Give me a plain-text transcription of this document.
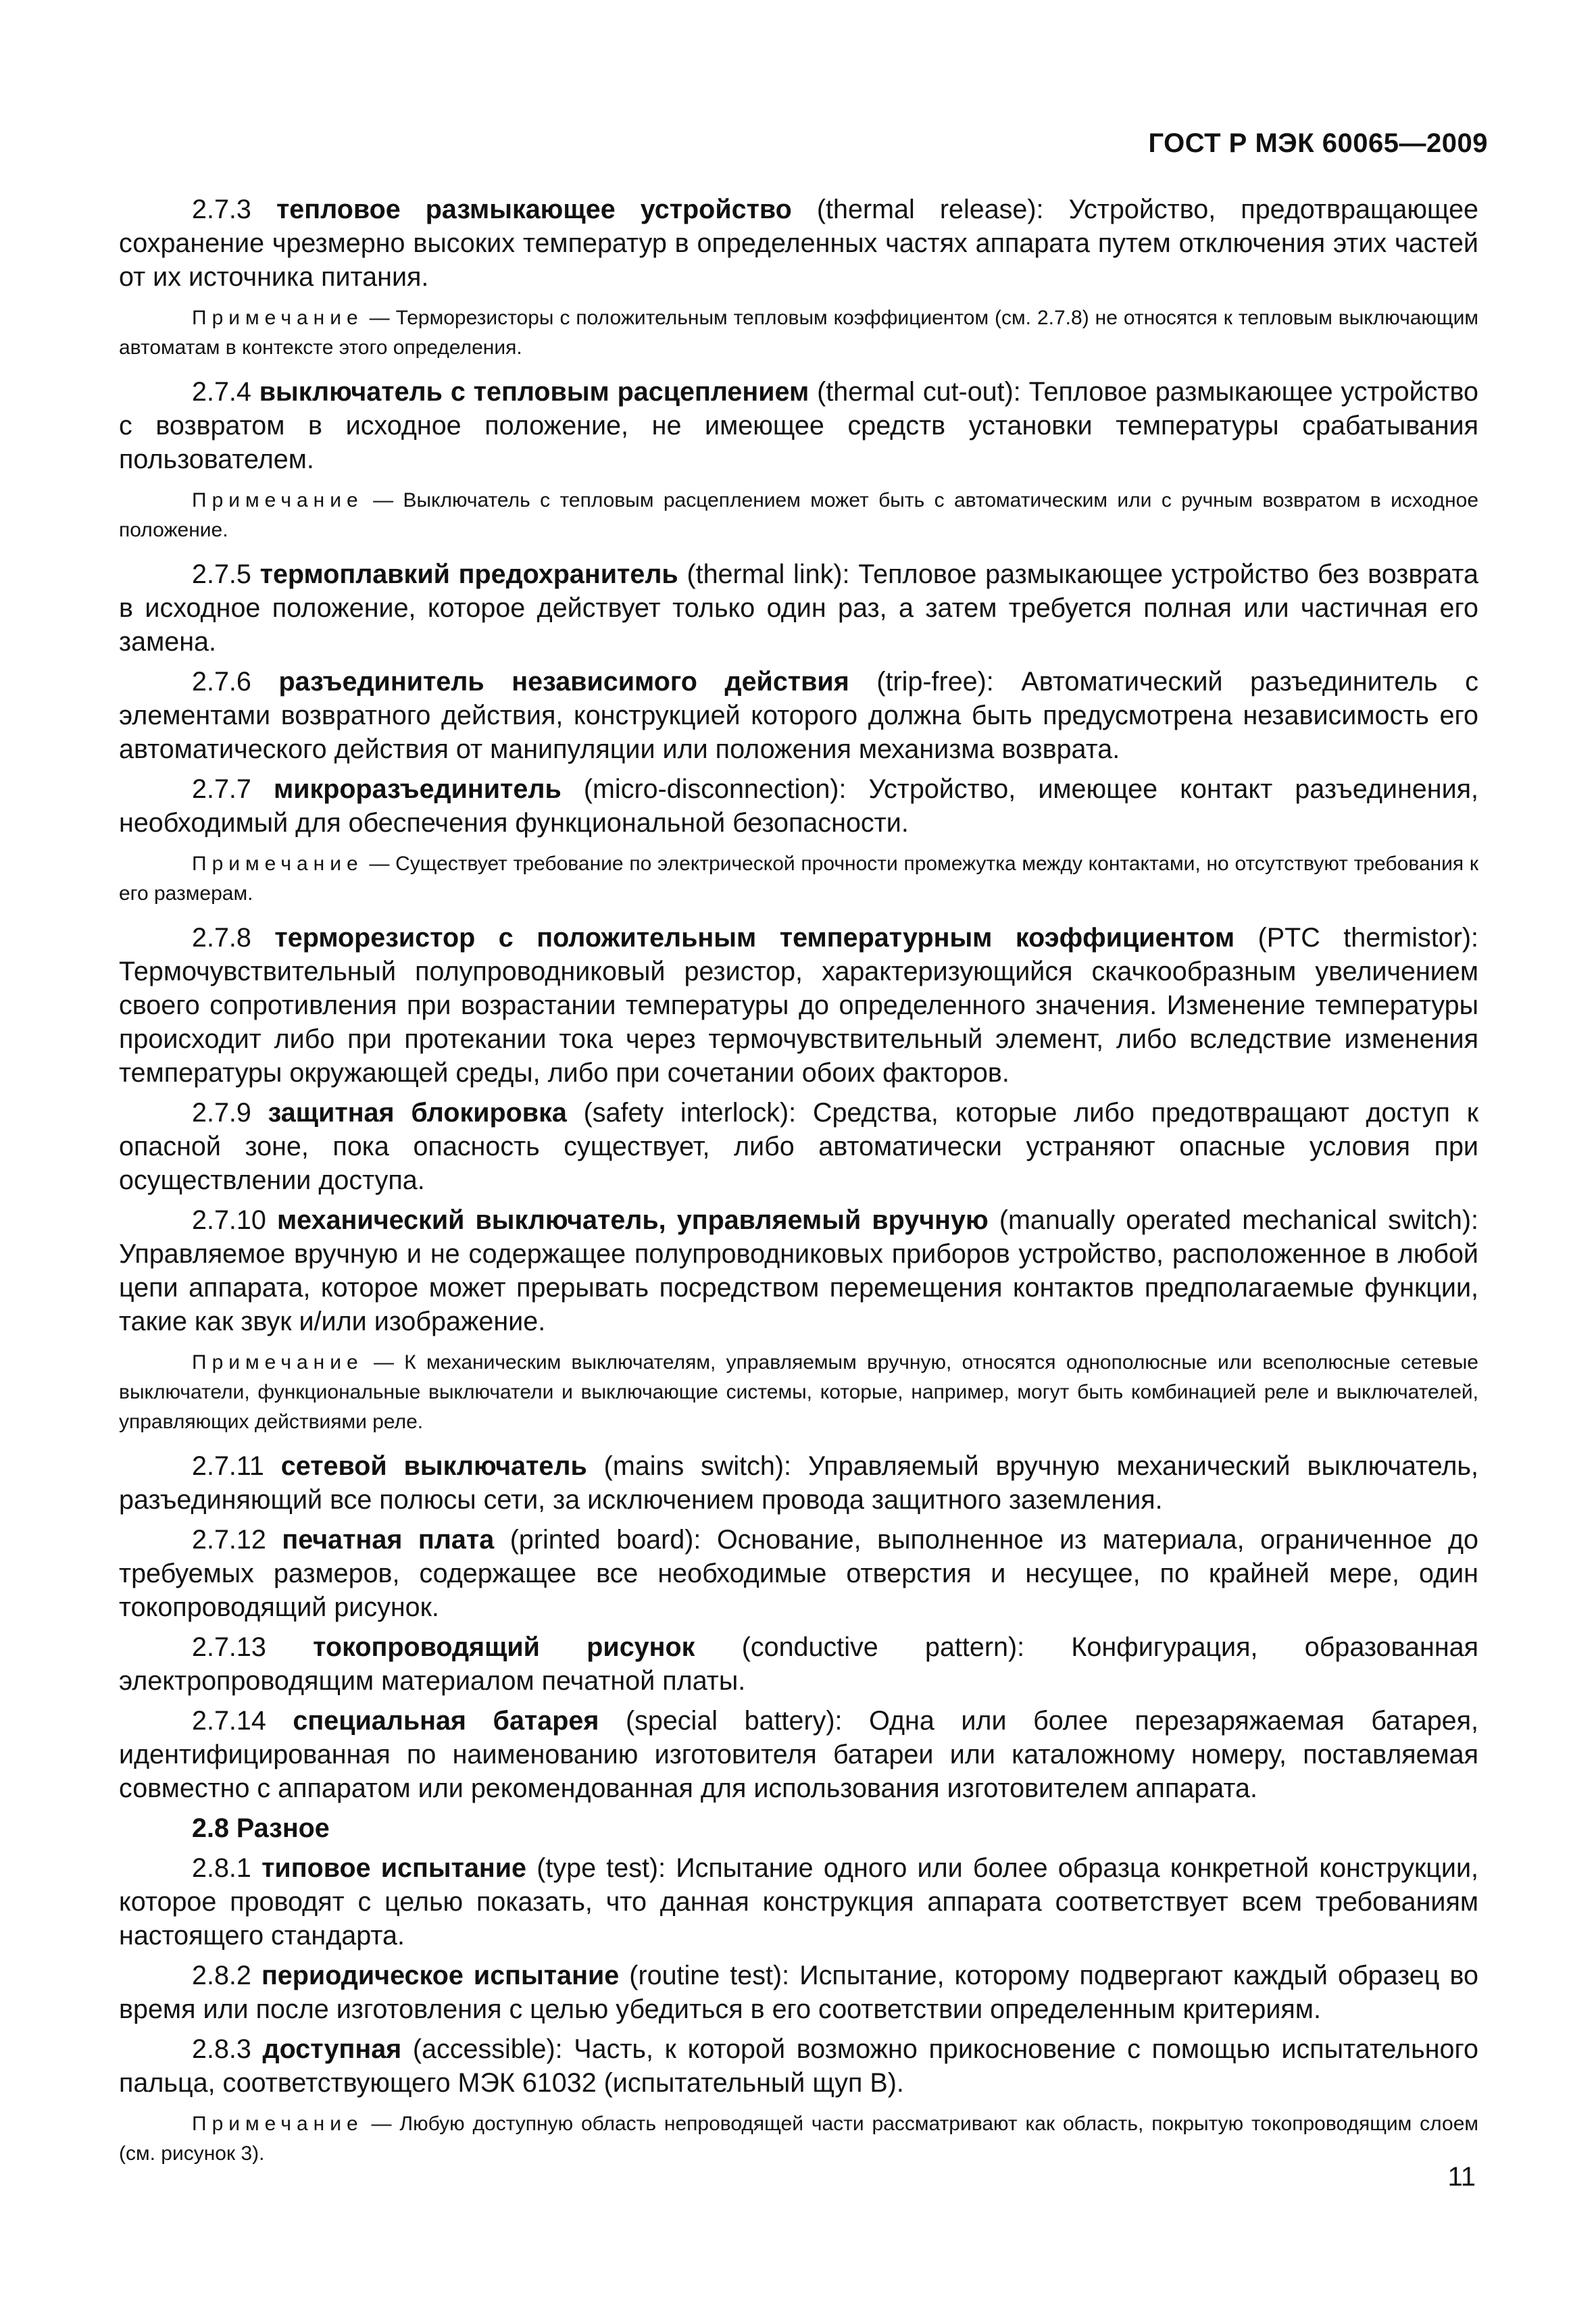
ГОСТ Р МЭК 60065—2009
2.7.3 тепловое размыкающее устройство (thermal release): Устройство, предотвращающее сохранение чрезмерно высоких температур в определенных частях аппарата путем отключения этих частей от их источника питания.
Примечание — Терморезисторы с положительным тепловым коэффициентом (см. 2.7.8) не относятся к тепловым выключающим автоматам в контексте этого определения.
2.7.4 выключатель с тепловым расцеплением (thermal cut-out): Тепловое размыкающее устройство с возвратом в исходное положение, не имеющее средств установки температуры срабатывания пользователем.
Примечание — Выключатель с тепловым расцеплением может быть с автоматическим или с ручным возвратом в исходное положение.
2.7.5 термоплавкий предохранитель (thermal link): Тепловое размыкающее устройство без возврата в исходное положение, которое действует только один раз, а затем требуется полная или частичная его замена.
2.7.6 разъединитель независимого действия (trip-free): Автоматический разъединитель с элементами возвратного действия, конструкцией которого должна быть предусмотрена независимость его автоматического действия от манипуляции или положения механизма возврата.
2.7.7 микроразъединитель (micro-disconnection): Устройство, имеющее контакт разъединения, необходимый для обеспечения функциональной безопасности.
Примечание — Существует требование по электрической прочности промежутка между контактами, но отсутствуют требования к его размерам.
2.7.8 терморезистор с положительным температурным коэффициентом (PTC thermistor): Термочувствительный полупроводниковый резистор, характеризующийся скачкообразным увеличением своего сопротивления при возрастании температуры до определенного значения. Изменение температуры происходит либо при протекании тока через термочувствительный элемент, либо вследствие изменения температуры окружающей среды, либо при сочетании обоих факторов.
2.7.9 защитная блокировка (safety interlock): Средства, которые либо предотвращают доступ к опасной зоне, пока опасность существует, либо автоматически устраняют опасные условия при осуществлении доступа.
2.7.10 механический выключатель, управляемый вручную (manually operated mechanical switch): Управляемое вручную и не содержащее полупроводниковых приборов устройство, расположенное в любой цепи аппарата, которое может прерывать посредством перемещения контактов предполагаемые функции, такие как звук и/или изображение.
Примечание — К механическим выключателям, управляемым вручную, относятся однополюсные или всеполюсные сетевые выключатели, функциональные выключатели и выключающие системы, которые, например, могут быть комбинацией реле и выключателей, управляющих действиями реле.
2.7.11 сетевой выключатель (mains switch): Управляемый вручную механический выключатель, разъединяющий все полюсы сети, за исключением провода защитного заземления.
2.7.12 печатная плата (printed board): Основание, выполненное из материала, ограниченное до требуемых размеров, содержащее все необходимые отверстия и несущее, по крайней мере, один токопроводящий рисунок.
2.7.13 токопроводящий рисунок (conductive pattern): Конфигурация, образованная электропроводящим материалом печатной платы.
2.7.14 специальная батарея (special battery): Одна или более перезаряжаемая батарея, идентифицированная по наименованию изготовителя батареи или каталожному номеру, поставляемая совместно с аппаратом или рекомендованная для использования изготовителем аппарата.
2.8 Разное
2.8.1 типовое испытание (type test): Испытание одного или более образца конкретной конструкции, которое проводят с целью показать, что данная конструкция аппарата соответствует всем требованиям настоящего стандарта.
2.8.2 периодическое испытание (routine test): Испытание, которому подвергают каждый образец во время или после изготовления с целью убедиться в его соответствии определенным критериям.
2.8.3 доступная (accessible): Часть, к которой возможно прикосновение с помощью испытательного пальца, соответствующего МЭК 61032 (испытательный щуп В).
Примечание — Любую доступную область непроводящей части рассматривают как область, покрытую токопроводящим слоем (см. рисунок 3).
11
